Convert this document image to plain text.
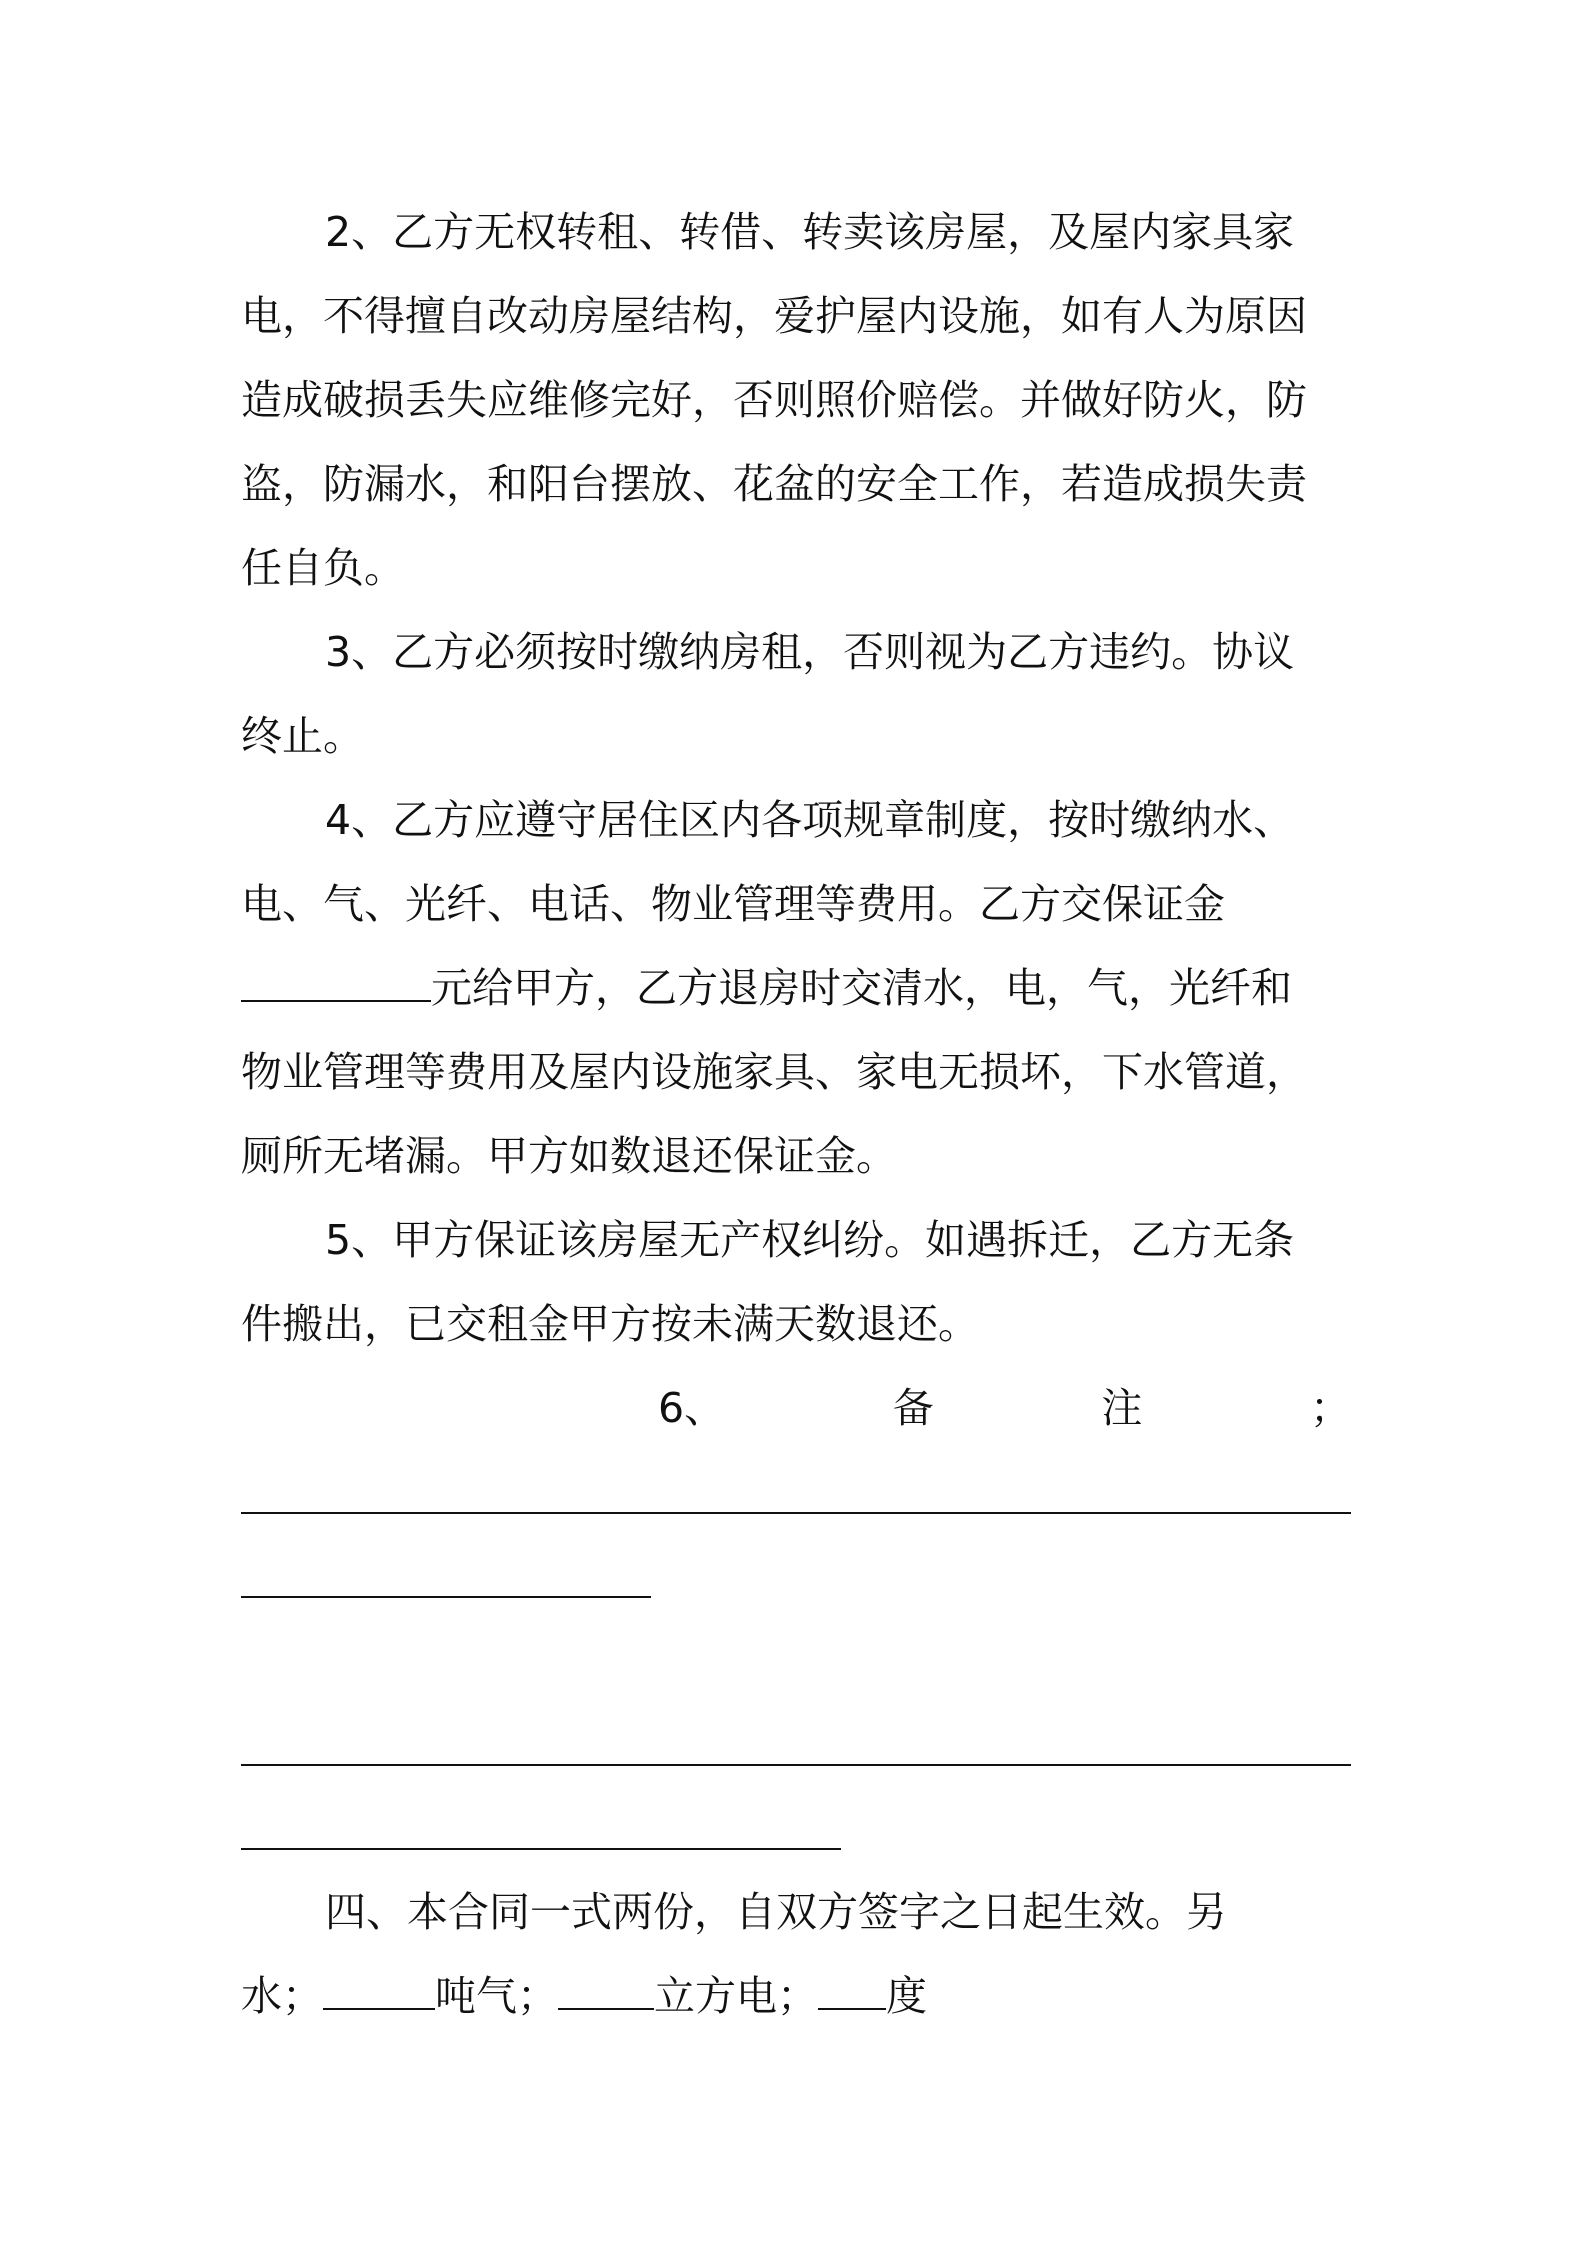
2、乙方无权转租、转借、转卖该房屋，及屋内家具家
电，不得擅自改动房屋结构，爱护屋内设施，如有人为原因
造成破损丢失应维修完好，否则照价赔偿。并做好防火，防
盗，防漏水，和阳台摆放、花盆的安全工作，若造成损失责
任自负。
3、乙方必须按时缴纳房租，否则视为乙方违约。协议
终止。
4、乙方应遵守居住区内各项规章制度，按时缴纳水、
电、气、光纤、电话、物业管理等费用。乙方交保证金
元给甲方，乙方退房时交清水，电，气，光纤和
物业管理等费用及屋内设施家具、家电无损坏，下水管道，
厕所无堵漏。甲方如数退还保证金。
5、甲方保证该房屋无产权纠纷。如遇拆迁，乙方无条
件搬出，已交租金甲方按未满天数退还。
6、	备	注	；
四、本合同一式两份，自双方签字之日起生效。另
水；	吨气； 立方电； 度
